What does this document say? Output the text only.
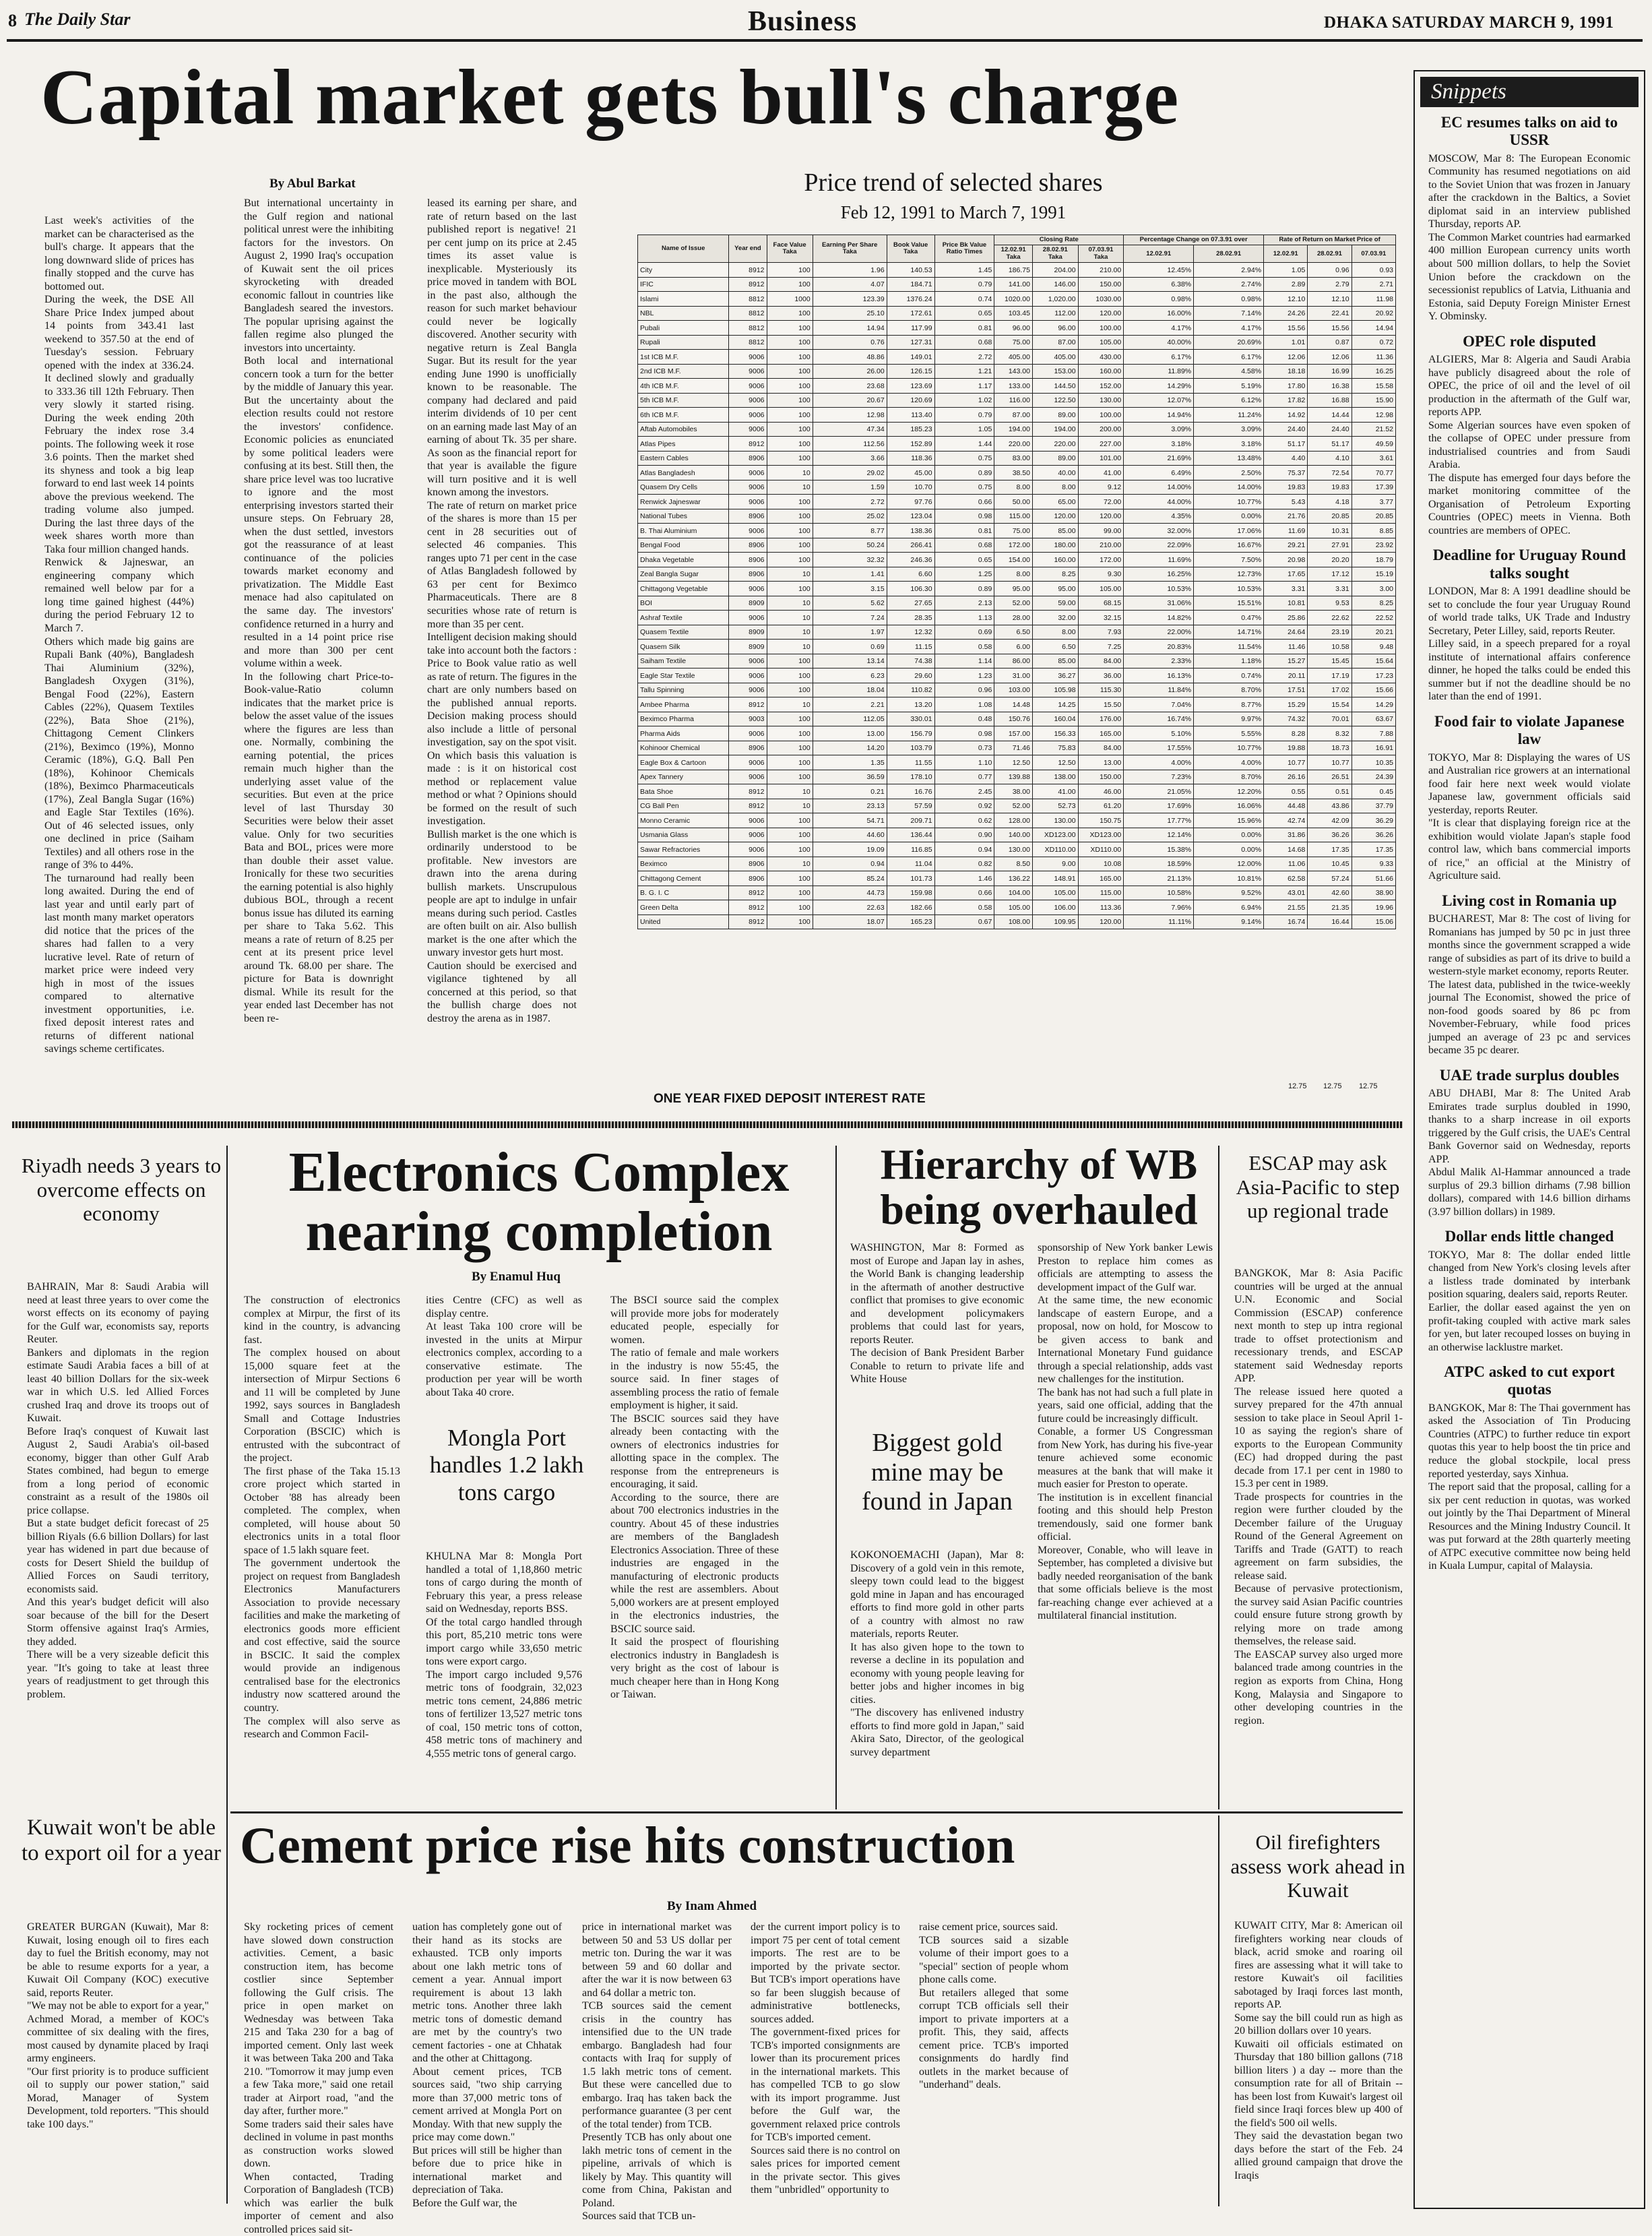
8 The Daily Star	Business	DHAKA SATURDAY MARCH 9, 1991
Capital market gets bull's charge
By Abul Barkat
Last week's activities of the market can be characterised as the bull's charge. It appears that the long downward slide of prices has finally stopped and the curve has bottomed out.
During the week, the DSE All Share Price Index jumped about 14 points from 343.41 last weekend to 357.50 at the end of Tuesday's session. February opened with the index at 336.24. It declined slowly and gradually to 333.36 till 12th February. Then very slowly it started rising. During the week ending 20th February the index rose 3.4 points. The following week it rose 3.6 points. Then the market shed its shyness and took a big leap forward to end last week 14 points above the previous weekend. The trading volume also jumped. During the last three days of the week shares worth more than Taka four million changed hands.
Renwick & Jajneswar, an engineering company which remained well below par for a long time gained highest (44%) during the period February 12 to March 7.
Others which made big gains are Rupali Bank (40%), Bangladesh Thai Aluminium (32%), Bangladesh Oxygen (31%), Bengal Food (22%), Eastern Cables (22%), Quasem Textiles (22%), Bata Shoe (21%), Chittagong Cement Clinkers (21%), Beximco (19%), Monno Ceramic (18%), G.Q. Ball Pen (18%), Kohinoor Chemicals (18%), Beximco Pharmaceuticals (17%), Zeal Bangla Sugar (16%) and Eagle Star Textiles (16%). Out of 46 selected issues, only one declined in price (Saiham Textiles) and all others rose in the range of 3% to 44%.
The turnaround had really been long awaited. During the end of last year and until early part of last month many market operators did notice that the prices of the shares had fallen to a very lucrative level. Rate of return of market price were indeed very high in most of the issues compared to alternative investment opportunities, i.e. fixed deposit interest rates and returns of different national savings scheme certificates.
But international uncertainty in the Gulf region and national political unrest were the inhibiting factors for the investors. On August 2, 1990 Iraq's occupation of Kuwait sent the oil prices skyrocketing with dreaded economic fallout in countries like Bangladesh seared the investors. The popular uprising against the fallen regime also plunged the investors into uncertainty.
Both local and international concern took a turn for the better by the middle of January this year. But the uncertainty about the election results could not restore the investors' confidence. Economic policies as enunciated by some political leaders were confusing at its best. Still then, the share price level was too lucrative to ignore and the most enterprising investors started their unsure steps. On February 28, when the dust settled, investors got the reassurance of at least continuance of the policies towards market economy and privatization. The Middle East menace had also capitulated on the same day. The investors' confidence returned in a hurry and resulted in a 14 point price rise and more than 300 per cent volume within a week.
In the following chart Price-to-Book-value-Ratio column indicates that the market price is below the asset value of the issues where the figures are less than one. Normally, combining the earning potential, the prices remain much higher than the underlying asset value of the securities. But even at the price level of last Thursday 30 Securities were below their asset value. Only for two securities Bata and BOL, prices were more than double their asset value. Ironically for these two securities the earning potential is also highly dubious BOL, through a recent bonus issue has diluted its earning per share to Taka 5.62. This means a rate of return of 8.25 per cent at its present price level around Tk. 68.00 per share. The picture for Bata is downright dismal. While its result for the year ended last December has not been re-
leased its earning per share, and rate of return based on the last published report is negative! 21 per cent jump on its price at 2.45 times its asset value is inexplicable. Mysteriously its price moved in tandem with BOL in the past also, although the reason for such market behaviour could never be logically discovered. Another security with negative return is Zeal Bangla Sugar. But its result for the year ending June 1990 is unofficially known to be reasonable. The company had declared and paid interim dividends of 10 per cent on an earning made last May of an earning of about Tk. 35 per share. As soon as the financial report for that year is available the figure will turn positive and it is well known among the investors.
The rate of return on market price of the shares is more than 15 per cent in 28 securities out of selected 46 companies. This ranges upto 71 per cent in the case of Atlas Bangladesh followed by 63 per cent for Beximco Pharmaceuticals. There are 8 securities whose rate of return is more than 35 per cent.
Intelligent decision making should take into account both the factors : Price to Book value ratio as well as rate of return. The figures in the chart are only numbers based on the published annual reports. Decision making process should also include a little of personal investigation, say on the spot visit. On which basis this valuation is made : is it on historical cost method or replacement value method or what ? Opinions should be formed on the result of such investigation.
Bullish market is the one which is ordinarily understood to be profitable. New investors are drawn into the arena during bullish markets. Unscrupulous people are apt to indulge in unfair means during such period. Castles are often built on air. Also bullish market is the one after which the unwary investor gets hurt most.
Caution should be exercised and vigilance tightened by all concerned at this period, so that the bullish charge does not destroy the arena as in 1987.
Price trend of selected shares
Feb 12, 1991 to March 7, 1991
Name of Issue	Year end	Face Value
Taka	Earning Per Share
Taka	Book Value
Taka	Price Bk Value
Ratio Times	Closing Rate			Percentage Change on 07.3.91 over		Rate of Return on Market Price of		
						12.02.91
Taka	28.02.91
Taka	07.03.91
Taka	12.02.91	28.02.91	12.02.91	28.02.91	07.03.91
City	8912	100	1.96	140.53	1.45	186.75	204.00	210.00	12.45%	2.94%	1.05	0.96	0.93
IFIC	8912	100	4.07	184.71	0.79	141.00	146.00	150.00	6.38%	2.74%	2.89	2.79	2.71
Islami	8812	1000	123.39	1376.24	0.74	1020.00	1,020.00	1030.00	0.98%	0.98%	12.10	12.10	11.98
NBL	8812	100	25.10	172.61	0.65	103.45	112.00	120.00	16.00%	7.14%	24.26	22.41	20.92
Pubali	8812	100	14.94	117.99	0.81	96.00	96.00	100.00	4.17%	4.17%	15.56	15.56	14.94
Rupali	8812	100	0.76	127.31	0.68	75.00	87.00	105.00	40.00%	20.69%	1.01	0.87	0.72
1st ICB M.F.	9006	100	48.86	149.01	2.72	405.00	405.00	430.00	6.17%	6.17%	12.06	12.06	11.36
2nd ICB M.F.	9006	100	26.00	126.15	1.21	143.00	153.00	160.00	11.89%	4.58%	18.18	16.99	16.25
4th ICB M.F.	9006	100	23.68	123.69	1.17	133.00	144.50	152.00	14.29%	5.19%	17.80	16.38	15.58
5th ICB M.F.	9006	100	20.67	120.69	1.02	116.00	122.50	130.00	12.07%	6.12%	17.82	16.88	15.90
6th ICB M.F.	9006	100	12.98	113.40	0.79	87.00	89.00	100.00	14.94%	11.24%	14.92	14.44	12.98
Aftab Automobiles	9006	100	47.34	185.23	1.05	194.00	194.00	200.00	3.09%	3.09%	24.40	24.40	21.52
Atlas Pipes	8912	100	112.56	152.89	1.44	220.00	220.00	227.00	3.18%	3.18%	51.17	51.17	49.59
Eastern Cables	8906	100	3.66	118.36	0.75	83.00	89.00	101.00	21.69%	13.48%	4.40	4.10	3.61
Atlas Bangladesh	9006	10	29.02	45.00	0.89	38.50	40.00	41.00	6.49%	2.50%	75.37	72.54	70.77
Quasem Dry Cells	9006	10	1.59	10.70	0.75	8.00	8.00	9.12	14.00%	14.00%	19.83	19.83	17.39
Renwick Jajneswar	9006	100	2.72	97.76	0.66	50.00	65.00	72.00	44.00%	10.77%	5.43	4.18	3.77
National Tubes	8906	100	25.02	123.04	0.98	115.00	120.00	120.00	4.35%	0.00%	21.76	20.85	20.85
B. Thai Aluminium	9006	100	8.77	138.36	0.81	75.00	85.00	99.00	32.00%	17.06%	11.69	10.31	8.85
Bengal Food	8906	100	50.24	266.41	0.68	172.00	180.00	210.00	22.09%	16.67%	29.21	27.91	23.92
Dhaka Vegetable	8906	100	32.32	246.36	0.65	154.00	160.00	172.00	11.69%	7.50%	20.98	20.20	18.79
Zeal Bangla Sugar	8906	10	1.41	6.60	1.25	8.00	8.25	9.30	16.25%	12.73%	17.65	17.12	15.19
Chittagong Vegetable	9006	100	3.15	106.30	0.89	95.00	95.00	105.00	10.53%	10.53%	3.31	3.31	3.00
BOI	8909	10	5.62	27.65	2.13	52.00	59.00	68.15	31.06%	15.51%	10.81	9.53	8.25
Ashraf Textile	9006	10	7.24	28.35	1.13	28.00	32.00	32.15	14.82%	0.47%	25.86	22.62	22.52
Quasem Textile	8909	10	1.97	12.32	0.69	6.50	8.00	7.93	22.00%	14.71%	24.64	23.19	20.21
Quasem Silk	8909	10	0.69	11.15	0.58	6.00	6.50	7.25	20.83%	11.54%	11.46	10.58	9.48
Saiham Textile	9006	100	13.14	74.38	1.14	86.00	85.00	84.00	2.33%	1.18%	15.27	15.45	15.64
Eagle Star Textile	9006	100	6.23	29.60	1.23	31.00	36.27	36.00	16.13%	0.74%	20.11	17.19	17.23
Tallu Spinning	9006	100	18.04	110.82	0.96	103.00	105.98	115.30	11.84%	8.70%	17.51	17.02	15.66
Ambee Pharma	8912	10	2.21	13.20	1.08	14.48	14.25	15.50	7.04%	8.77%	15.29	15.54	14.29
Beximco Pharma	9003	100	112.05	330.01	0.48	150.76	160.04	176.00	16.74%	9.97%	74.32	70.01	63.67
Pharma Aids	9006	100	13.00	156.79	0.98	157.00	156.33	165.00	5.10%	5.55%	8.28	8.32	7.88
Kohinoor Chemical	8906	100	14.20	103.79	0.73	71.46	75.83	84.00	17.55%	10.77%	19.88	18.73	16.91
Eagle Box & Cartoon	9006	100	1.35	11.55	1.10	12.50	12.50	13.00	4.00%	4.00%	10.77	10.77	10.35
Apex Tannery	9006	100	36.59	178.10	0.77	139.88	138.00	150.00	7.23%	8.70%	26.16	26.51	24.39
Bata Shoe	8912	10	0.21	16.76	2.45	38.00	41.00	46.00	21.05%	12.20%	0.55	0.51	0.45
CG Ball Pen	8912	10	23.13	57.59	0.92	52.00	52.73	61.20	17.69%	16.06%	44.48	43.86	37.79
Monno Ceramic	9006	100	54.71	209.71	0.62	128.00	130.00	150.75	17.77%	15.96%	42.74	42.09	36.29
Usmania Glass	9006	100	44.60	136.44	0.90	140.00	XD123.00	XD123.00	12.14%	0.00%	31.86	36.26	36.26
Sawar Refractories	9006	100	19.09	116.85	0.94	130.00	XD110.00	XD110.00	15.38%	0.00%	14.68	17.35	17.35
Beximco	8906	10	0.94	11.04	0.82	8.50	9.00	10.08	18.59%	12.00%	11.06	10.45	9.33
Chittagong Cement	8906	100	85.24	101.73	1.46	136.22	148.91	165.00	21.13%	10.81%	62.58	57.24	51.66
B. G. I. C	8912	100	44.73	159.98	0.66	104.00	105.00	115.00	10.58%	9.52%	43.01	42.60	38.90
Green Delta	8912	100	22.63	182.66	0.58	105.00	106.00	113.36	7.96%	6.94%	21.55	21.35	19.96
United	8912	100	18.07	165.23	0.67	108.00	109.95	120.00	11.11%	9.14%	16.74	16.44	15.06
ONE YEAR FIXED DEPOSIT INTEREST RATE
12.75 12.75 12.75
Snippets
EC resumes talks on aid to USSR
MOSCOW, Mar 8: The European Economic Community has resumed negotiations on aid to the Soviet Union that was frozen in January after the crackdown in the Baltics, a Soviet diplomat said in an interview published Thursday, reports AP.
The Common Market countries had earmarked 400 million European currency units worth about 500 million dollars, to help the Soviet Union before the crackdown on the secessionist republics of Latvia, Lithuania and Estonia, said Deputy Foreign Minister Ernest Y. Obminsky.
OPEC role disputed
ALGIERS, Mar 8: Algeria and Saudi Arabia have publicly disagreed about the role of OPEC, the price of oil and the level of oil production in the aftermath of the Gulf war, reports APP.
Some Algerian sources have even spoken of the collapse of OPEC under pressure from industrialised countries and from Saudi Arabia.
The dispute has emerged four days before the market monitoring committee of the Organisation of Petroleum Exporting Countries (OPEC) meets in Vienna. Both countries are members of OPEC.
Deadline for Uruguay Round talks sought
LONDON, Mar 8: A 1991 deadline should be set to conclude the four year Uruguay Round of world trade talks, UK Trade and Industry Secretary, Peter Lilley, said, reports Reuter.
Lilley said, in a speech prepared for a royal institute of international affairs conference dinner, he hoped the talks could be ended this summer but if not the deadline should be no later than the end of 1991.
Food fair to violate Japanese law
TOKYO, Mar 8: Displaying the wares of US and Australian rice growers at an international food fair here next week would violate Japanese law, government officials said yesterday, reports Reuter.
"It is clear that displaying foreign rice at the exhibition would violate Japan's staple food control law, which bans commercial imports of rice," an official at the Ministry of Agriculture said.
Living cost in Romania up
BUCHAREST, Mar 8: The cost of living for Romanians has jumped by 50 pc in just three months since the government scrapped a wide range of subsidies as part of its drive to build a western-style market economy, reports Reuter.
The latest data, published in the twice-weekly journal The Economist, showed the price of non-food goods soared by 86 pc from November-February, while food prices jumped an average of 23 pc and services became 35 pc dearer.
UAE trade surplus doubles
ABU DHABI, Mar 8: The United Arab Emirates trade surplus doubled in 1990, thanks to a sharp increase in oil exports triggered by the Gulf crisis, the UAE's Central Bank Governor said on Wednesday, reports APP.
Abdul Malik Al-Hammar announced a trade surplus of 29.3 billion dirhams (7.98 billion dollars), compared with 14.6 billion dirhams (3.97 billion dollars) in 1989.
Dollar ends little changed
TOKYO, Mar 8: The dollar ended little changed from New York's closing levels after a listless trade dominated by interbank position squaring, dealers said, reports Reuter.
Earlier, the dollar eased against the yen on profit-taking coupled with active mark sales for yen, but later recouped losses on buying in an otherwise lacklustre market.
ATPC asked to cut export quotas
BANGKOK, Mar 8: The Thai government has asked the Association of Tin Producing Countries (ATPC) to further reduce tin export quotas this year to help boost the tin price and reduce the global stockpile, local press reported yesterday, says Xinhua.
The report said that the proposal, calling for a six per cent reduction in quotas, was worked out jointly by the Thai Department of Mineral Resources and the Mining Industry Council. It was put forward at the 28th quarterly meeting of ATPC executive committee now being held in Kuala Lumpur, capital of Malaysia.
Riyadh needs 3 years to overcome effects on economy
BAHRAIN, Mar 8: Saudi Arabia will need at least three years to over come the worst effects on its economy of paying for the Gulf war, economists say, reports Reuter.
Bankers and diplomats in the region estimate Saudi Arabia faces a bill of at least 40 billion Dollars for the six-week war in which U.S. led Allied Forces crushed Iraq and drove its troops out of Kuwait.
Before Iraq's conquest of Kuwait last August 2, Saudi Arabia's oil-based economy, bigger than other Gulf Arab States combined, had begun to emerge from a long period of economic constraint as a result of the 1980s oil price collapse.
But a state budget deficit forecast of 25 billion Riyals (6.6 billion Dollars) for last year has widened in part due because of costs for Desert Shield the buildup of Allied Forces on Saudi territory, economists said.
And this year's budget deficit will also soar because of the bill for the Desert Storm offensive against Iraq's Armies, they added.
There will be a very sizeable deficit this year. "It's going to take at least three years of readjustment to get through this problem.
Electronics Complex nearing completion
By Enamul Huq
The construction of electronics complex at Mirpur, the first of its kind in the country, is advancing fast.
The complex housed on about 15,000 square feet at the intersection of Mirpur Sections 6 and 11 will be completed by June 1992, says sources in Bangladesh Small and Cottage Industries Corporation (BSCIC) which is entrusted with the subcontract of the project.
The first phase of the Taka 15.13 crore project which started in October '88 has already been completed. The complex, when completed, will house about 50 electronics units in a total floor space of 1.5 lakh square feet.
The government undertook the project on request from Bangladesh Electronics Manufacturers Association to provide necessary facilities and make the marketing of electronics goods more efficient and cost effective, said the source in BSCIC. It said the complex would provide an indigenous centralised base for the electronics industry now scattered around the country.
The complex will also serve as research and Common Facil-
ities Centre (CFC) as well as display centre.
At least Taka 100 crore will be invested in the units at Mirpur electronics complex, according to a conservative estimate. The production per year will be worth about Taka 40 crore.
The BSCI source said the complex will provide more jobs for moderately educated people, especially for women.
The ratio of female and male workers in the industry is now 55:45, the source said. In finer stages of assembling process the ratio of female employment is higher, it said.
The BSCIC sources said they have already been contacting with the owners of electronics industries for allotting space in the complex. The response from the entrepreneurs is encouraging, it said.
According to the source, there are about 700 electronics industries in the country. About 45 of these industries are members of the Bangladesh Electronics Association. Three of these industries are engaged in the manufacturing of electronic products while the rest are assemblers. About 5,000 workers are at present employed in the electronics industries, the BSCIC source said.
It said the prospect of flourishing electronics industry in Bangladesh is very bright as the cost of labour is much cheaper here than in Hong Kong or Taiwan.
Mongla Port handles 1.2 lakh tons cargo
KHULNA Mar 8: Mongla Port handled a total of 1,18,860 metric tons of cargo during the month of February this year, a press release said on Wednesday, reports BSS.
Of the total cargo handled through this port, 85,210 metric tons were import cargo while 33,650 metric tons were export cargo.
The import cargo included 9,576 metric tons of foodgrain, 32,023 metric tons cement, 24,886 metric tons of fertilizer 13,527 metric tons of coal, 150 metric tons of cotton, 458 metric tons of machinery and 4,555 metric tons of general cargo.
Hierarchy of WB being overhauled
WASHINGTON, Mar 8: Formed as most of Europe and Japan lay in ashes, the World Bank is changing leadership in the aftermath of another destructive conflict that promises to give economic and development policymakers problems that could last for years, reports Reuter.
The decision of Bank President Barber Conable to return to private life and White House
sponsorship of New York banker Lewis Preston to replace him comes as officials are attempting to assess the development impact of the Gulf war.
At the same time, the new economic landscape of eastern Europe, and a proposal, now on hold, for Moscow to be given access to bank and International Monetary Fund guidance through a special relationship, adds vast new challenges for the institution.
The bank has not had such a full plate in years, said one official, adding that the future could be increasingly difficult.
Conable, a former US Congressman from New York, has during his five-year tenure achieved some economic measures at the bank that will make it much easier for Preston to operate.
The institution is in excellent financial footing and this should help Preston tremendously, said one former bank official.
Moreover, Conable, who will leave in September, has completed a divisive but badly needed reorganisation of the bank that some officials believe is the most far-reaching change ever achieved at a multilateral financial institution.
Biggest gold mine may be found in Japan
KOKONOEMACHI (Japan), Mar 8: Discovery of a gold vein in this remote, sleepy town could lead to the biggest gold mine in Japan and has encouraged efforts to find more gold in other parts of a country with almost no raw materials, reports Reuter.
It has also given hope to the town to reverse a decline in its population and economy with young people leaving for better jobs and higher incomes in big cities.
"The discovery has enlivened industry efforts to find more gold in Japan," said Akira Sato, Director, of the geological survey department
ESCAP may ask Asia-Pacific to step up regional trade
BANGKOK, Mar 8: Asia Pacific countries will be urged at the annual U.N. Economic and Social Commission (ESCAP) conference next month to step up intra regional trade to offset protectionism and recessionary trends, and ESCAP statement said Wednesday reports APP.
The release issued here quoted a survey prepared for the 47th annual session to take place in Seoul April 1-10 as saying the region's share of exports to the European Community (EC) had dropped during the past decade from 17.1 per cent in 1980 to 15.3 per cent in 1989.
Trade prospects for countries in the region were further clouded by the December failure of the Uruguay Round of the General Agreement on Tariffs and Trade (GATT) to reach agreement on farm subsidies, the release said.
Because of pervasive protectionism, the survey said Asian Pacific countries could ensure future strong growth by relying more on trade among themselves, the release said.
The EASCAP survey also urged more balanced trade among countries in the region as exports from China, Hong Kong, Malaysia and Singapore to other developing countries in the region.
Kuwait won't be able to export oil for a year
GREATER BURGAN (Kuwait), Mar 8: Kuwait, losing enough oil to fires each day to fuel the British economy, may not be able to resume exports for a year, a Kuwait Oil Company (KOC) executive said, reports Reuter.
"We may not be able to export for a year," Achmed Morad, a member of KOC's committee of six dealing with the fires, most caused by dynamite placed by Iraqi army engineers.
"Our first priority is to produce sufficient oil to supply our power station," said Morad, Manager of System Development, told reporters. "This should take 100 days."
Cement price rise hits construction
By Inam Ahmed
Sky rocketing prices of cement have slowed down construction activities. Cement, a basic construction item, has become costlier since September following the Gulf crisis. The price in open market on Wednesday was between Taka 215 and Taka 230 for a bag of imported cement. Only last week it was between Taka 200 and Taka 210. "Tomorrow it may jump even a few Taka more," said one retail trader at Airport road, "and the day after, further more."
Some traders said their sales have declined in volume in past months as construction works slowed down.
When contacted, Trading Corporation of Bangladesh (TCB) which was earlier the bulk importer of cement and also controlled prices said sit-
uation has completely gone out of their hand as its stocks are exhausted. TCB only imports about one lakh metric tons of cement a year. Annual import requirement is about 13 lakh metric tons. Another three lakh metric tons of domestic demand are met by the country's two cement factories - one at Chhatak and the other at Chittagong.
About cement prices, TCB sources said, "two ship carrying more than 37,000 metric tons of cement arrived at Mongla Port on Monday. With that new supply the price may come down."
But prices will still be higher than before due to price hike in international market and depreciation of Taka.
Before the Gulf war, the
price in international market was between 50 and 53 US dollar per metric ton. During the war it was between 59 and 60 dollar and after the war it is now between 63 and 64 dollar a metric ton.
TCB sources said the cement crisis in the country has intensified due to the UN trade embargo. Bangladesh had four contacts with Iraq for supply of 1.5 lakh metric tons of cement. But these were cancelled due to embargo. Iraq has taken back the performance guarantee (3 per cent of the total tender) from TCB.
Presently TCB has only about one lakh metric tons of cement in the pipeline, arrivals of which is likely by May. This quantity will come from China, Pakistan and Poland.
Sources said that TCB un-
der the current import policy is to import 75 per cent of total cement imports. The rest are to be imported by the private sector. But TCB's import operations have so far been sluggish because of administrative bottlenecks, sources added.
The government-fixed prices for TCB's imported consignments are lower than its procurement prices in the international markets. This has compelled TCB to go slow with its import programme. Just before the Gulf war, the government relaxed price controls for TCB's imported cement.
Sources said there is no control on sales prices for imported cement in the private sector. This gives them "unbridled" opportunity to
raise cement price, sources said.
TCB sources said a sizable volume of their import goes to a "special" section of people whom phone calls come.
But retailers alleged that some corrupt TCB officials sell their import to private importers at a profit. This, they said, affects cement price. TCB's imported consignments do hardly find outlets in the market because of "underhand" deals.
Oil firefighters assess work ahead in Kuwait
KUWAIT CITY, Mar 8: American oil firefighters working near clouds of black, acrid smoke and roaring oil fires are assessing what it will take to restore Kuwait's oil facilities sabotaged by Iraqi forces last month, reports AP.
Some say the bill could run as high as 20 billion dollars over 10 years.
Kuwaiti oil officials estimated on Thursday that 180 billion gallons (718 billion liters ) a day -- more than the consumption rate for all of Britain -- has been lost from Kuwait's largest oil field since Iraqi forces blew up 400 of the field's 500 oil wells.
They said the devastation began two days before the start of the Feb. 24 allied ground campaign that drove the Iraqis
